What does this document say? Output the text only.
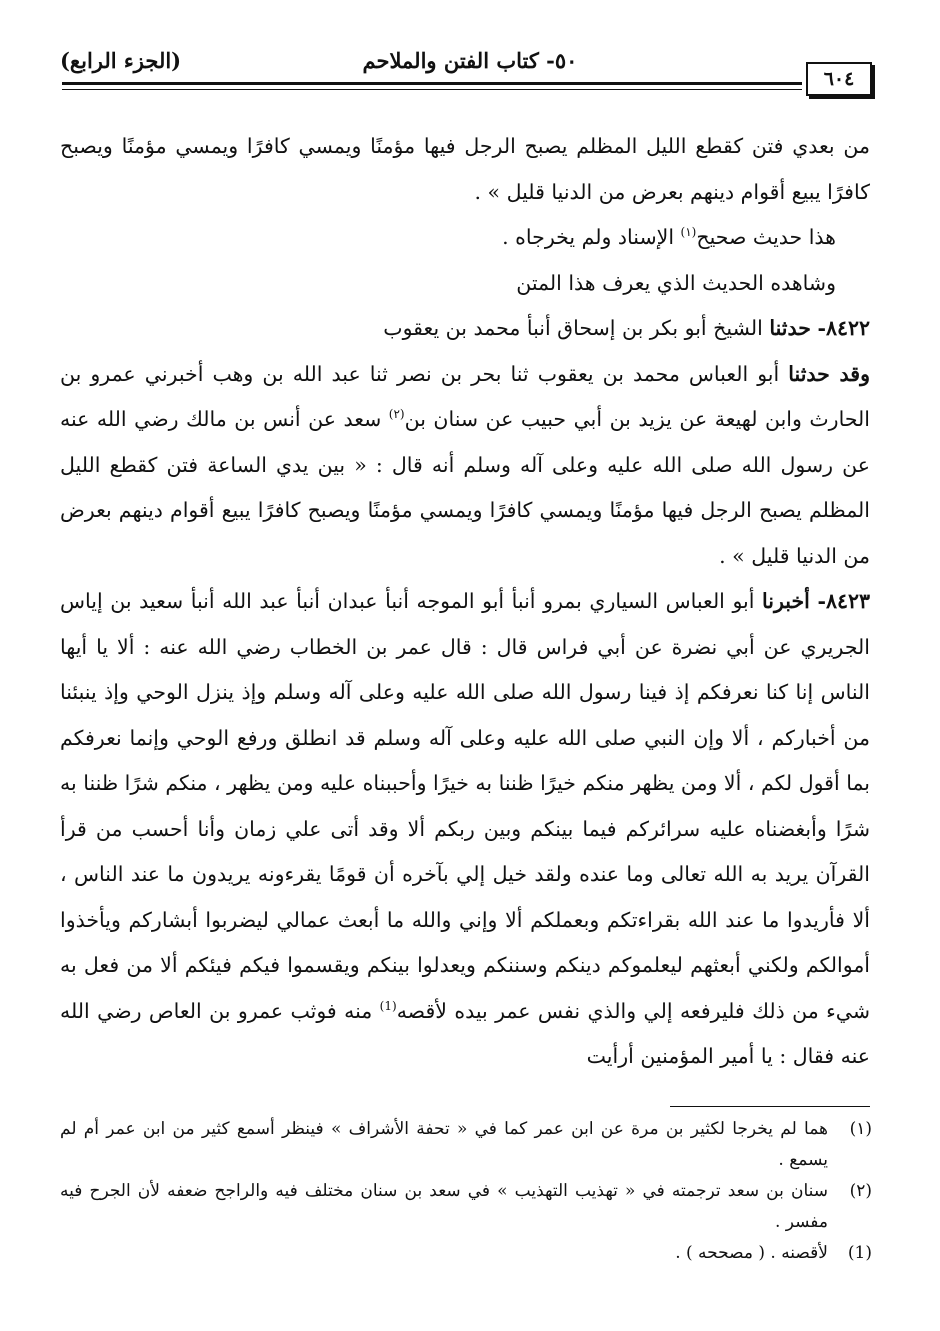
٥٠- كتاب الفتن والملاحم
(الجزء الرابع)
٦٠٤

من بعدي فتن كقطع الليل المظلم يصبح الرجل فيها مؤمنًا ويمسي كافرًا ويمسي مؤمنًا ويصبح كافرًا يبيع أقوام دينهم بعرض من الدنيا قليل » .

هذا حديث صحيح$^{(١)}$ الإسناد ولم يخرجاه .

وشاهده الحديث الذي يعرف هذا المتن

٨٤٢٢- حدثنا الشيخ أبو بكر بن إسحاق أنبأ محمد بن يعقوب

وقد حدثنا أبو العباس محمد بن يعقوب ثنا بحر بن نصر ثنا عبد الله بن وهب أخبرني عمرو بن الحارث وابن لهيعة عن يزيد بن أبي حبيب عن سنان بن$^{(٢)}$ سعد عن أنس بن مالك رضي الله عنه عن رسول الله صلى الله عليه وعلى آله وسلم أنه قال : « بين يدي الساعة فتن كقطع الليل المظلم يصبح الرجل فيها مؤمنًا ويمسي كافرًا ويمسي مؤمنًا ويصبح كافرًا يبيع أقوام دينهم بعرض من الدنيا قليل » .

٨٤٢٣- أخبرنا أبو العباس السياري بمرو أنبأ أبو الموجه أنبأ عبدان أنبأ عبد الله أنبأ سعيد بن إياس الجريري عن أبي نضرة عن أبي فراس قال : قال عمر بن الخطاب رضي الله عنه : ألا يا أيها الناس إنا كنا نعرفكم إذ فينا رسول الله صلى الله عليه وعلى آله وسلم وإذ ينزل الوحي وإذ ينبئنا من أخباركم ، ألا وإن النبي صلى الله عليه وعلى آله وسلم قد انطلق ورفع الوحي وإنما نعرفكم بما أقول لكم ، ألا ومن يظهر منكم خيرًا ظننا به خيرًا وأحببناه عليه ومن يظهر ، منكم شرًا ظننا به شرًا وأبغضناه عليه سرائركم فيما بينكم وبين ربكم ألا وقد أتى علي زمان وأنا أحسب من قرأ القرآن يريد به الله تعالى وما عنده ولقد خيل إلي بآخره أن قومًا يقرءونه يريدون ما عند الناس ، ألا فأريدوا ما عند الله بقراءتكم وبعملكم ألا وإني والله ما أبعث عمالي ليضربوا أبشاركم ويأخذوا أموالكم ولكني أبعثهم ليعلموكم دينكم وسننكم ويعدلوا بينكم ويقسموا فيكم فيئكم ألا من فعل به شيء من ذلك فليرفعه إلي والذي نفس عمر بيده لأقصه$^{(1)}$ منه فوثب عمرو بن العاص رضي الله عنه فقال : يا أمير المؤمنين أرأيت

(١)
هما لم يخرجا لكثير بن مرة عن ابن عمر كما في « تحفة الأشراف » فينظر أسمع كثير من ابن عمر أم لم يسمع .
(٢)
سنان بن سعد ترجمته في « تهذيب التهذيب » في سعد بن سنان مختلف فيه والراجح ضعفه لأن الجرح فيه مفسر .
(1)
لأقصنه . ( مصححه ) .
